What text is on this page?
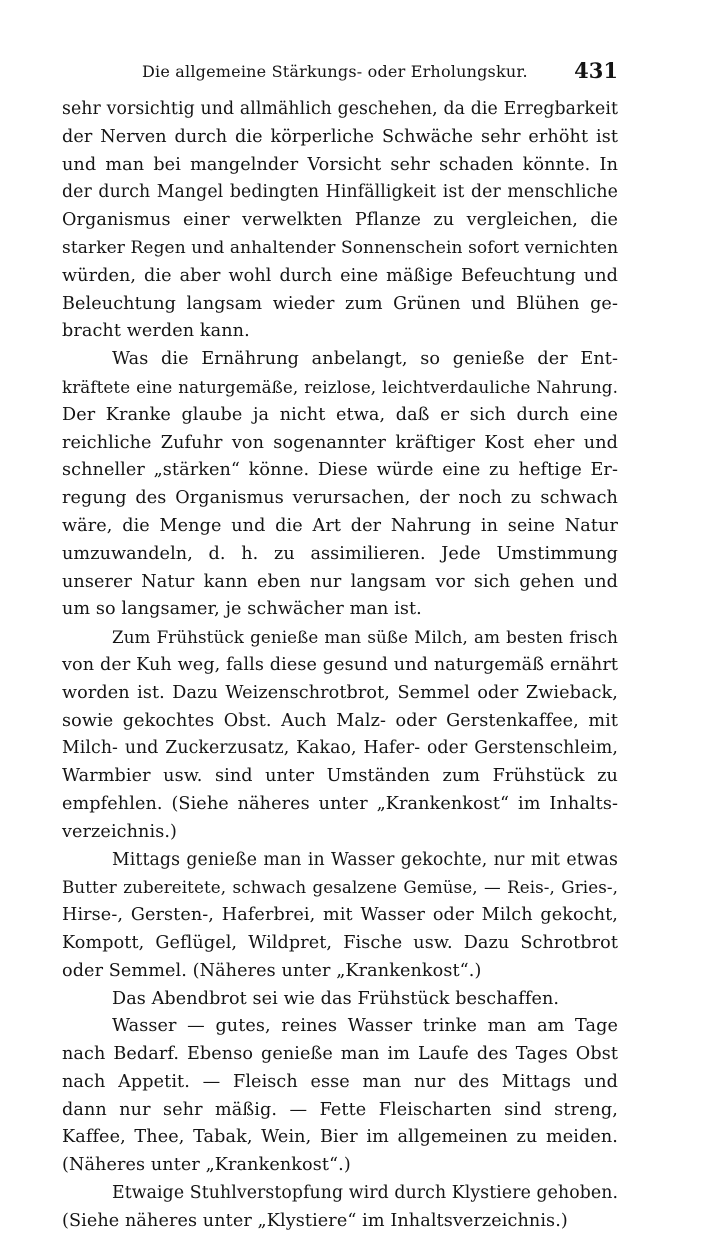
Die allgemeine Stärkungs- oder Erholungskur. 431
sehr vorsichtig und allmählich geschehen, da die Erregbarkeit
der Nerven durch die körperliche Schwäche sehr erhöht ist
und man bei mangelnder Vorsicht sehr schaden könnte. In
der durch Mangel bedingten Hinfälligkeit ist der menschliche
Organismus einer verwelkten Pflanze zu vergleichen, die
starker Regen und anhaltender Sonnenschein sofort vernichten
würden, die aber wohl durch eine mäßige Befeuchtung und
Beleuchtung langsam wieder zum Grünen und Blühen ge-
bracht werden kann.
Was die Ernährung anbelangt, so genieße der Ent-
kräftete eine naturgemäße, reizlose, leichtverdauliche Nahrung.
Der Kranke glaube ja nicht etwa, daß er sich durch eine
reichliche Zufuhr von sogenannter kräftiger Kost eher und
schneller „stärken“ könne. Diese würde eine zu heftige Er-
regung des Organismus verursachen, der noch zu schwach
wäre, die Menge und die Art der Nahrung in seine Natur
umzuwandeln, d. h. zu assimilieren. Jede Umstimmung
unserer Natur kann eben nur langsam vor sich gehen und
um so langsamer, je schwächer man ist.
Zum Frühstück genieße man süße Milch, am besten frisch
von der Kuh weg, falls diese gesund und naturgemäß ernährt
worden ist. Dazu Weizenschrotbrot, Semmel oder Zwieback,
sowie gekochtes Obst. Auch Malz- oder Gerstenkaffee, mit
Milch- und Zuckerzusatz, Kakao, Hafer- oder Gerstenschleim,
Warmbier usw. sind unter Umständen zum Frühstück zu
empfehlen. (Siehe näheres unter „Krankenkost“ im Inhalts-
verzeichnis.)
Mittags genieße man in Wasser gekochte, nur mit etwas
Butter zubereitete, schwach gesalzene Gemüse, — Reis-, Gries-,
Hirse-, Gersten-, Haferbrei, mit Wasser oder Milch gekocht,
Kompott, Geflügel, Wildpret, Fische usw. Dazu Schrotbrot
oder Semmel. (Näheres unter „Krankenkost“.)
Das Abendbrot sei wie das Frühstück beschaffen.
Wasser — gutes, reines Wasser trinke man am Tage
nach Bedarf. Ebenso genieße man im Laufe des Tages Obst
nach Appetit. — Fleisch esse man nur des Mittags und
dann nur sehr mäßig. — Fette Fleischarten sind streng,
Kaffee, Thee, Tabak, Wein, Bier im allgemeinen zu meiden.
(Näheres unter „Krankenkost“.)
Etwaige Stuhlverstopfung wird durch Klystiere gehoben.
(Siehe näheres unter „Klystiere“ im Inhaltsverzeichnis.)
